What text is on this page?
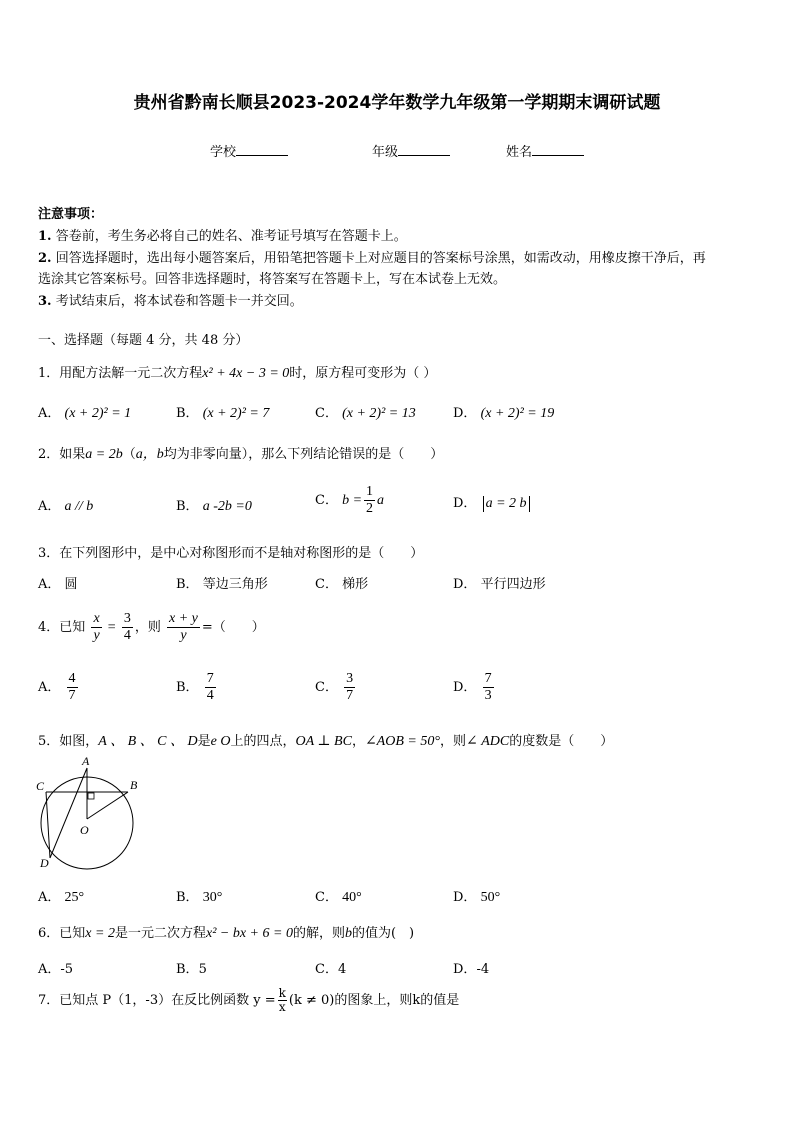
贵州省黔南长顺县2023-2024学年数学九年级第一学期期末调研试题
学校	年级	姓名
注意事项：
1. 答卷前，考生务必将自己的姓名、准考证号填写在答题卡上。
2. 回答选择题时，选出每小题答案后，用铅笔把答题卡上对应题目的答案标号涂黑，如需改动，用橡皮擦干净后，再
选涂其它答案标号。回答非选择题时，将答案写在答题卡上，写在本试卷上无效。
3. 考试结束后，将本试卷和答题卡一并交回。
一、选择题（每题 4 分，共 48 分）
1．用配方法解一元二次方程x² + 4x − 3 = 0时，原方程可变形为（ ）
A． (x + 2)² = 1	B． (x + 2)² = 7	C． (x + 2)² = 13	D． (x + 2)² = 19
2．如果a = 2b（a，b均为非零向量），那么下列结论错误的是（　　）
A． a // b	B． a -2b =0	C． $b = \frac{1}{2}$ a	D． a = 2 b
3．在下列图形中，是中心对称图形而不是轴对称图形的是（　　）
A． 圆	B． 等边三角形	C． 梯形	D． 平行四边形
4．已知 $\frac{x}{y} = \frac{3}{4}$ ，则 $\frac{x + y}{y}$ =（　　）
A． $\frac{4}{7}$	B． $\frac{7}{4}$	C． $\frac{3}{7}$	D． $\frac{7}{3}$
5．如图，A 、 B 、 C 、 D是e O上的四点，OA ⊥ BC，∠AOB = 50°，则∠ ADC的度数是（　　）
A
B
C
D
O
A． 25°	B． 30°	C． 40°	D． 50°
6．已知x = 2是一元二次方程x² − bx + 6 = 0的解，则b的值为(　)
A．-5	B．5	C．4	D．-4
7．已知点 P（1，-3）在反比例函数 $y = \frac{k}{x} (k \ne 0)$的图象上，则k的值是
